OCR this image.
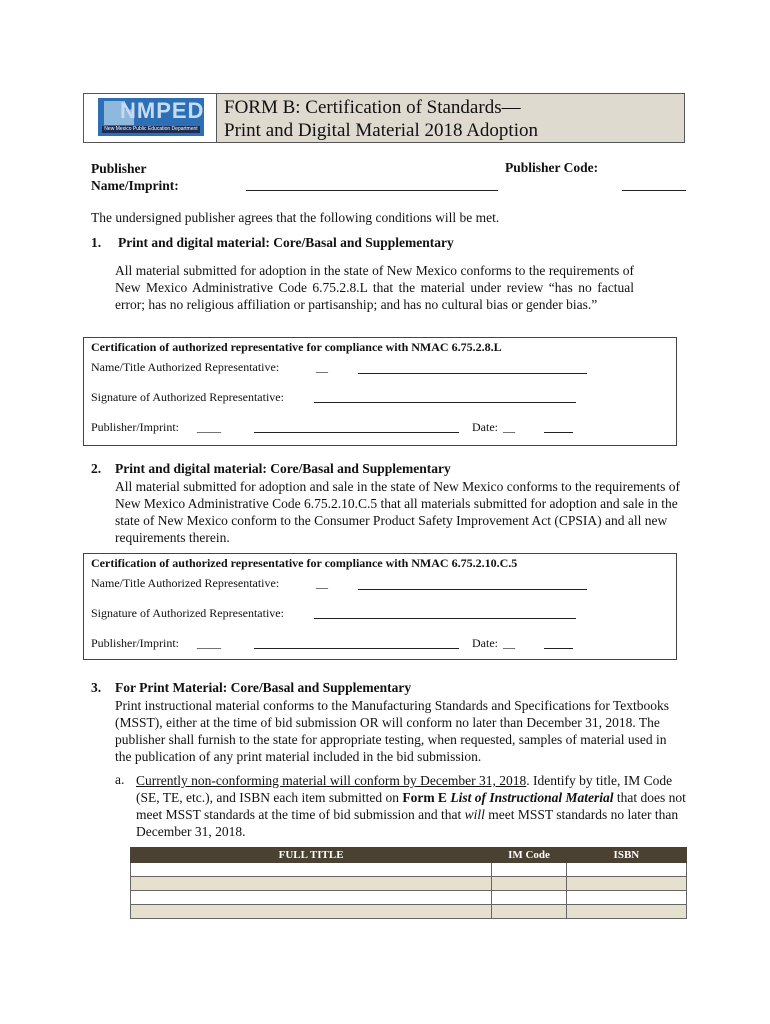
NMPED
New Mexico Public Education Department
FORM B: Certification of Standards—
Print and Digital Material 2018 Adoption
Publisher
Name/Imprint:
Publisher Code:
The undersigned publisher agrees that the following conditions will be met.
1. Print and digital material: Core/Basal and Supplementary
All material submitted for adoption in the state of New Mexico conforms to the requirements of New Mexico Administrative Code 6.75.2.8.L that the material under review “has no factual error; has no religious affiliation or partisanship; and has no cultural bias or gender bias.”
Certification of authorized representative for compliance with NMAC 6.75.2.8.L
Name/Title Authorized Representative:	__
Signature of Authorized Representative:
Publisher/Imprint: ____	Date: __
2. Print and digital material: Core/Basal and Supplementary
All material submitted for adoption and sale in the state of New Mexico conforms to the requirements of New Mexico Administrative Code 6.75.2.10.C.5 that all materials submitted for adoption and sale in the state of New Mexico conform to the Consumer Product Safety Improvement Act (CPSIA) and all new requirements therein.
Certification of authorized representative for compliance with NMAC 6.75.2.10.C.5
Name/Title Authorized Representative:	__
Signature of Authorized Representative:
Publisher/Imprint: ____	Date: __
3. For Print Material: Core/Basal and Supplementary
Print instructional material conforms to the Manufacturing Standards and Specifications for Textbooks (MSST), either at the time of bid submission OR will conform no later than December 31, 2018. The publisher shall furnish to the state for appropriate testing, when requested, samples of material used in the publication of any print material included in the bid submission.
a. Currently non-conforming material will conform by December 31, 2018. Identify by title, IM Code (SE, TE, etc.), and ISBN each item submitted on Form E List of Instructional Material that does not meet MSST standards at the time of bid submission and that will meet MSST standards no later than December 31, 2018.
FULL TITLE	IM Code	ISBN
